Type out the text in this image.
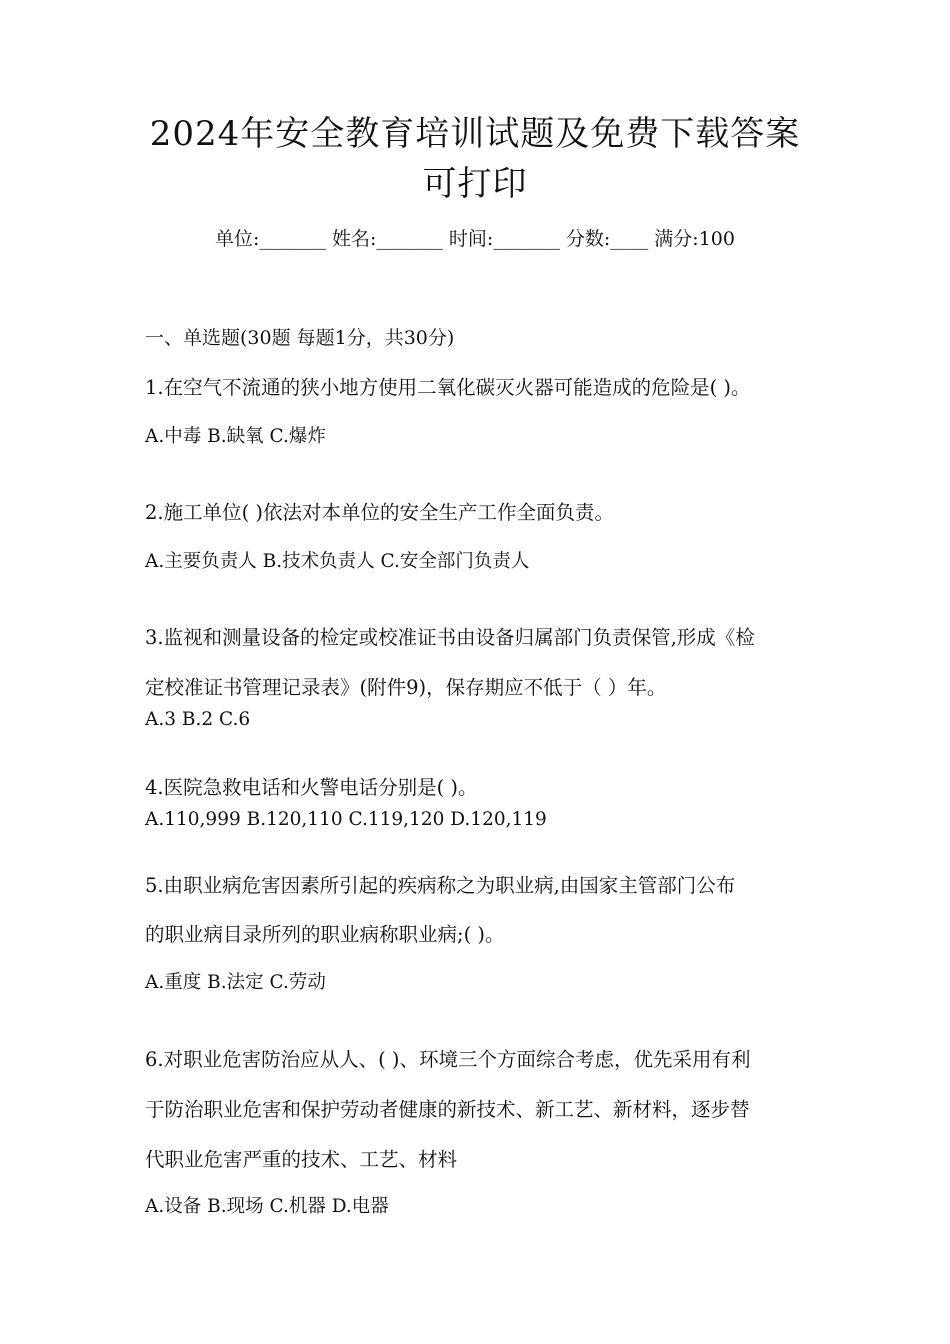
2024年安全教育培训试题及免费下载答案
可打印
单位:_______ 姓名:_______ 时间:_______ 分数:____ 满分:100
一、单选题(30题 每题1分，共30分)
1.在空气不流通的狭小地方使用二氧化碳灭火器可能造成的危险是( )。
A.中毒 B.缺氧 C.爆炸
2.施工单位( )依法对本单位的安全生产工作全面负责。
A.主要负责人 B.技术负责人 C.安全部门负责人
3.监视和测量设备的检定或校准证书由设备归属部门负责保管,形成《检
定校准证书管理记录表》(附件9)，保存期应不低于（ ）年。
A.3 B.2 C.6
4.医院急救电话和火警电话分别是( )。
A.110,999 B.120,110 C.119,120 D.120,119
5.由职业病危害因素所引起的疾病称之为职业病,由国家主管部门公布
的职业病目录所列的职业病称职业病;( )。
A.重度 B.法定 C.劳动
6.对职业危害防治应从人、( )、环境三个方面综合考虑，优先采用有利
于防治职业危害和保护劳动者健康的新技术、新工艺、新材料，逐步替
代职业危害严重的技术、工艺、材料
A.设备 B.现场 C.机器 D.电器
